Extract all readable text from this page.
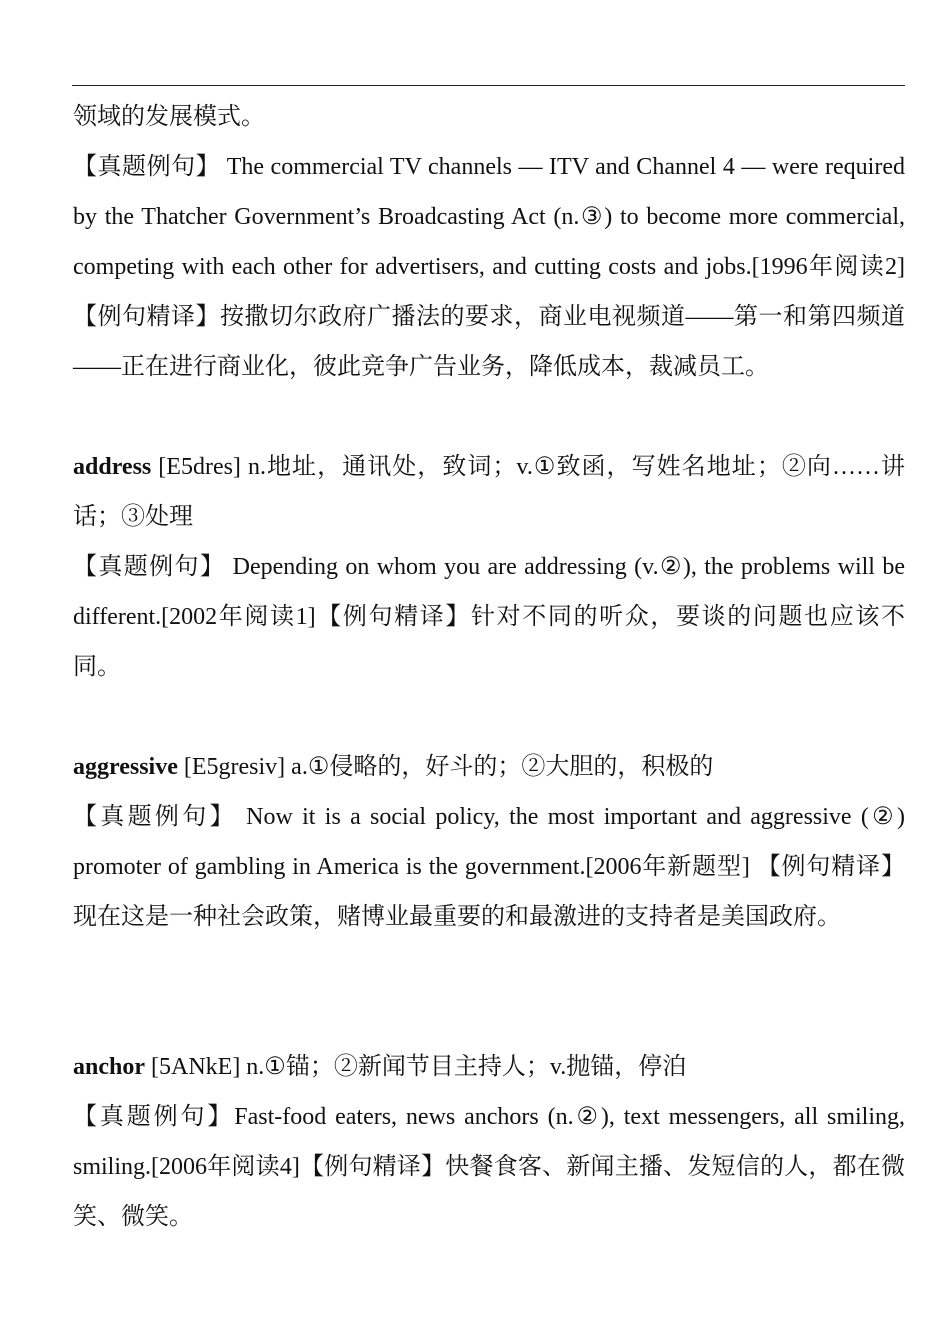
领域的发展模式。

【真题例句】 The commercial TV channels — ITV and Channel 4 — were required by the Thatcher Government’s Broadcasting Act (n.③) to become more commercial, competing with each other for advertisers, and cutting costs and jobs.[1996年阅读2]【例句精译】按撒切尔政府广播法的要求，商业电视频道——第一和第四频道——正在进行商业化，彼此竞争广告业务，降低成本，裁减员工。

address [E5dres] n.地址，通讯处，致词；v.①致函，写姓名地址；②向……讲话；③处理

【真题例句】 Depending on whom you are addressing (v.②), the problems will be different.[2002年阅读1]【例句精译】针对不同的听众，要谈的问题也应该不同。

aggressive [E5gresiv] a.①侵略的，好斗的；②大胆的，积极的

【真题例句】 Now it is a social policy, the most important and aggressive (②) promoter of gambling in America is the government.[2006年新题型] 【例句精译】现在这是一种社会政策，赌博业最重要的和最激进的支持者是美国政府。

anchor [5ANkE] n.①锚；②新闻节目主持人；v.抛锚，停泊

【真题例句】Fast-food eaters, news anchors (n.②), text messengers, all smiling, smiling.[2006年阅读4]【例句精译】快餐食客、新闻主播、发短信的人，都在微笑、微笑。
